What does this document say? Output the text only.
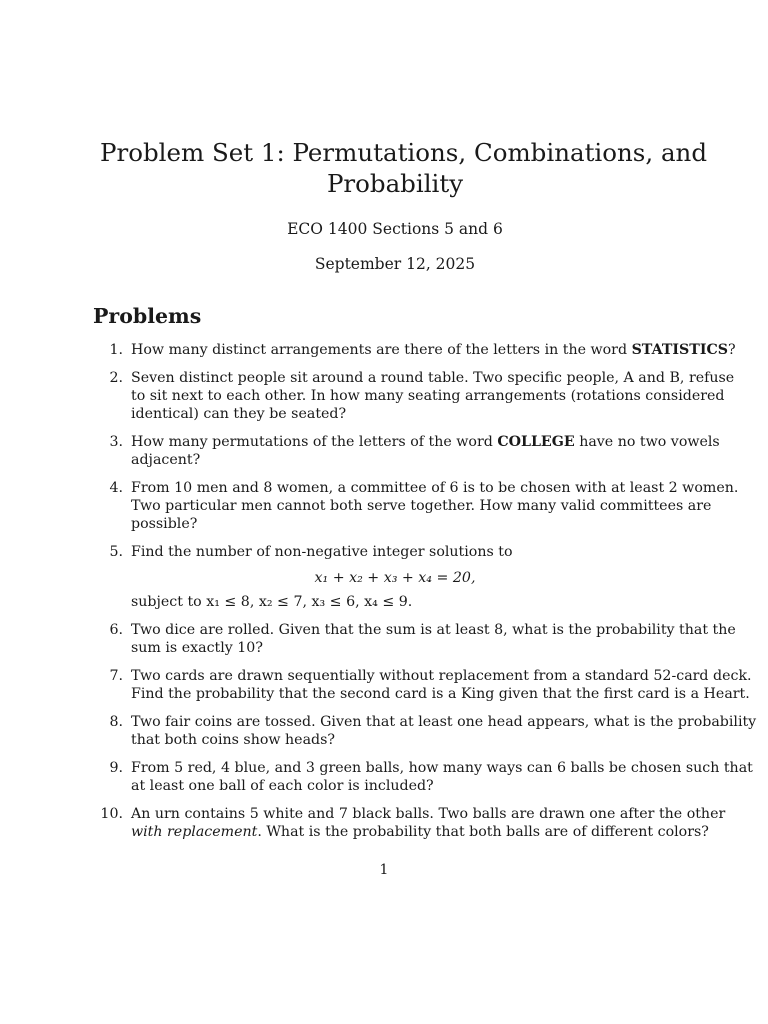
Problem Set 1: Permutations, Combinations, and
Probability

ECO 1400 Sections 5 and 6

September 12, 2025

Problems
1. How many distinct arrangements are there of the letters in the word STATISTICS?
2. Seven distinct people sit around a round table. Two specific people, A and B, refuse
to sit next to each other. In how many seating arrangements (rotations considered
identical) can they be seated?
3. How many permutations of the letters of the word COLLEGE have no two vowels
adjacent?
4. From 10 men and 8 women, a committee of 6 is to be chosen with at least 2 women.
Two particular men cannot both serve together. How many valid committees are
possible?
5. Find the number of non-negative integer solutions to
x₁ + x₂ + x₃ + x₄ = 20,
subject to x₁ ≤ 8, x₂ ≤ 7, x₃ ≤ 6, x₄ ≤ 9.
6. Two dice are rolled. Given that the sum is at least 8, what is the probability that the
sum is exactly 10?
7. Two cards are drawn sequentially without replacement from a standard 52-card deck.
Find the probability that the second card is a King given that the first card is a Heart.
8. Two fair coins are tossed. Given that at least one head appears, what is the probability
that both coins show heads?
9. From 5 red, 4 blue, and 3 green balls, how many ways can 6 balls be chosen such that
at least one ball of each color is included?
10. An urn contains 5 white and 7 black balls. Two balls are drawn one after the other
with replacement. What is the probability that both balls are of different colors?

1
